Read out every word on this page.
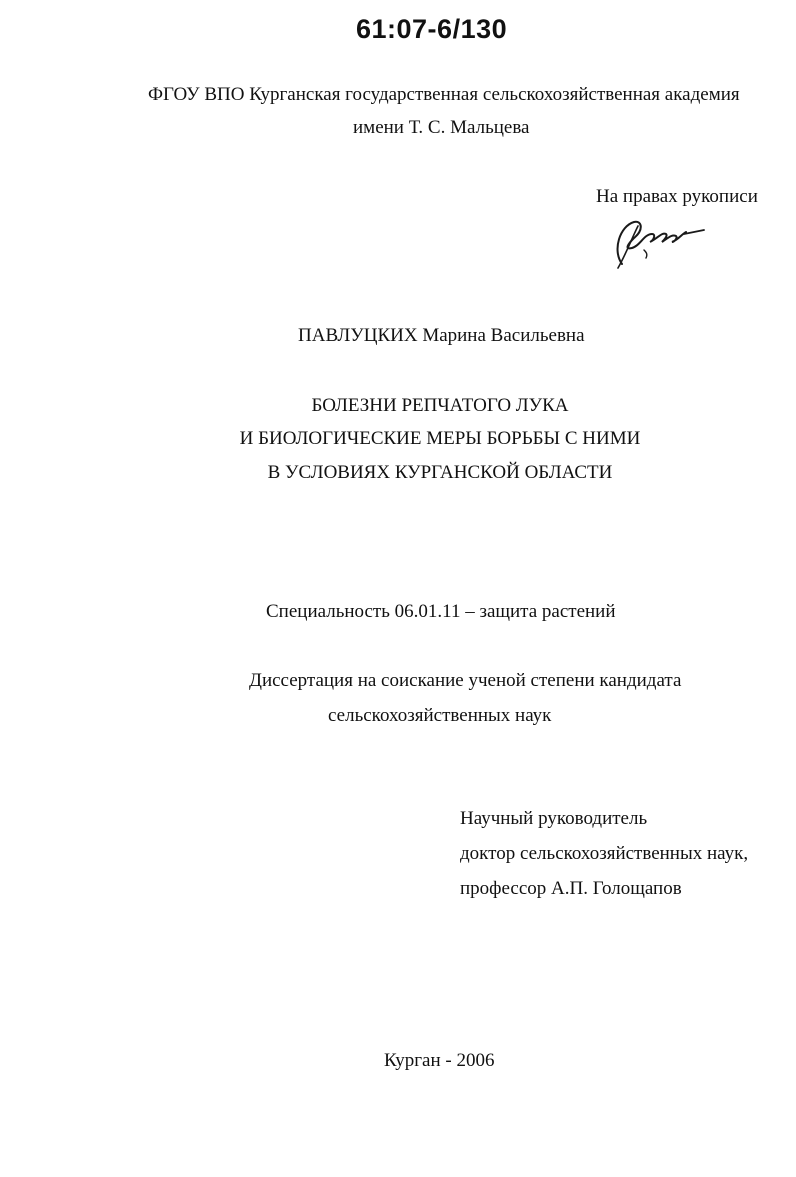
61:07-6/130
ФГОУ ВПО Курганская государственная сельскохозяйственная академия
имени Т. С. Мальцева
На правах рукописи
ПАВЛУЦКИХ Марина Васильевна
БОЛЕЗНИ РЕПЧАТОГО ЛУКА
И БИОЛОГИЧЕСКИЕ МЕРЫ БОРЬБЫ С НИМИ
В УСЛОВИЯХ КУРГАНСКОЙ ОБЛАСТИ
Специальность 06.01.11 – защита растений
Диссертация на соискание ученой степени кандидата
сельскохозяйственных наук
Научный руководитель
доктор сельскохозяйственных наук,
профессор А.П. Голощапов
Курган - 2006
